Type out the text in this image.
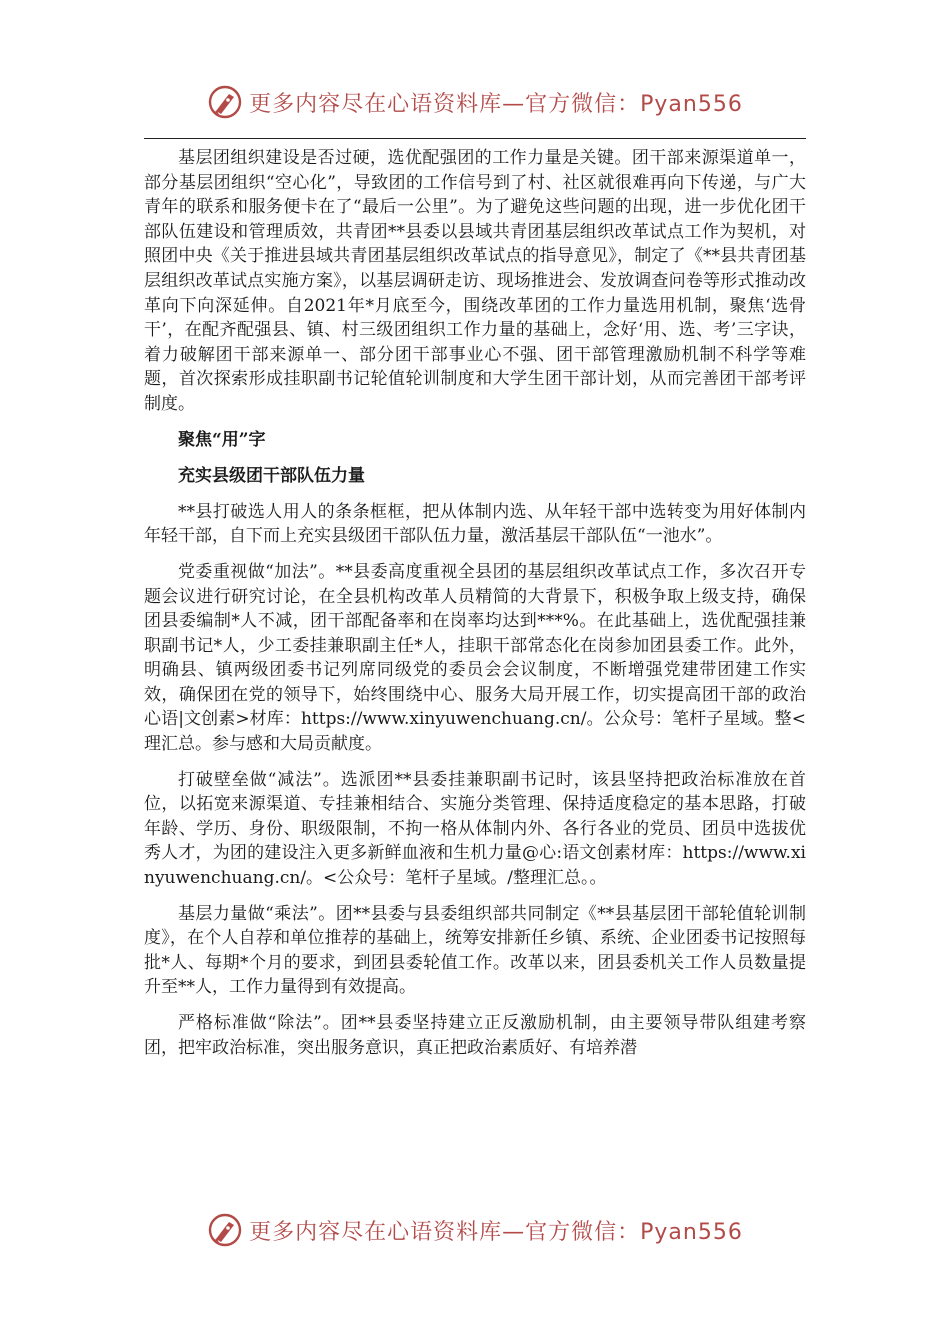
更多内容尽在心语资料库—官方微信：Pyan556

基层团组织建设是否过硬，选优配强团的工作力量是关键。团干部来源渠道单一，部分基层团组织“空心化”，导致团的工作信号到了村、社区就很难再向下传递，与广大青年的联系和服务便卡在了“最后一公里”。为了避免这些问题的出现，进一步优化团干部队伍建设和管理质效，共青团**县委以县域共青团基层组织改革试点工作为契机，对照团中央《关于推进县域共青团基层组织改革试点的指导意见》，制定了《**县共青团基层组织改革试点实施方案》，以基层调研走访、现场推进会、发放调查问卷等形式推动改革向下向深延伸。自2021年*月底至今，围绕改革团的工作力量选用机制，聚焦‘选骨干’，在配齐配强县、镇、村三级团组织工作力量的基础上，念好‘用、选、考’三字诀，着力破解团干部来源单一、部分团干部事业心不强、团干部管理激励机制不科学等难题，首次探索形成挂职副书记轮值轮训制度和大学生团干部计划，从而完善团干部考评制度。

聚焦“用”字

充实县级团干部队伍力量

**县打破选人用人的条条框框，把从体制内选、从年轻干部中选转变为用好体制内年轻干部，自下而上充实县级团干部队伍力量，激活基层干部队伍“一池水”。

党委重视做“加法”。**县委高度重视全县团的基层组织改革试点工作，多次召开专题会议进行研究讨论，在全县机构改革人员精简的大背景下，积极争取上级支持，确保团县委编制*人不减，团干部配备率和在岗率均达到***%。在此基础上，选优配强挂兼职副书记*人，少工委挂兼职副主任*人，挂职干部常态化在岗参加团县委工作。此外，明确县、镇两级团委书记列席同级党的委员会会议制度，不断增强党建带团建工作实效，确保团在党的领导下，始终围绕中心、服务大局开展工作，切实提高团干部的政治心语|文创素>材库：https://www.xinyuwenchuang.cn/。公众号：笔杆子星域。整<理汇总。参与感和大局贡献度。

打破壁垒做“减法”。选派团**县委挂兼职副书记时，该县坚持把政治标准放在首位，以拓宽来源渠道、专挂兼相结合、实施分类管理、保持适度稳定的基本思路，打破年龄、学历、身份、职级限制，不拘一格从体制内外、各行各业的党员、团员中选拔优秀人才，为团的建设注入更多新鲜血液和生机力量@心:语文创素材库：https://www.xinyuwenchuang.cn/。<公众号：笔杆子星域。/整理汇总。。

基层力量做“乘法”。团**县委与县委组织部共同制定《**县基层团干部轮值轮训制度》，在个人自荐和单位推荐的基础上，统筹安排新任乡镇、系统、企业团委书记按照每批*人、每期*个月的要求，到团县委轮值工作。改革以来，团县委机关工作人员数量提升至**人，工作力量得到有效提高。

严格标准做“除法”。团**县委坚持建立正反激励机制，由主要领导带队组建考察团，把牢政治标准，突出服务意识，真正把政治素质好、有培养潜

更多内容尽在心语资料库—官方微信：Pyan556
